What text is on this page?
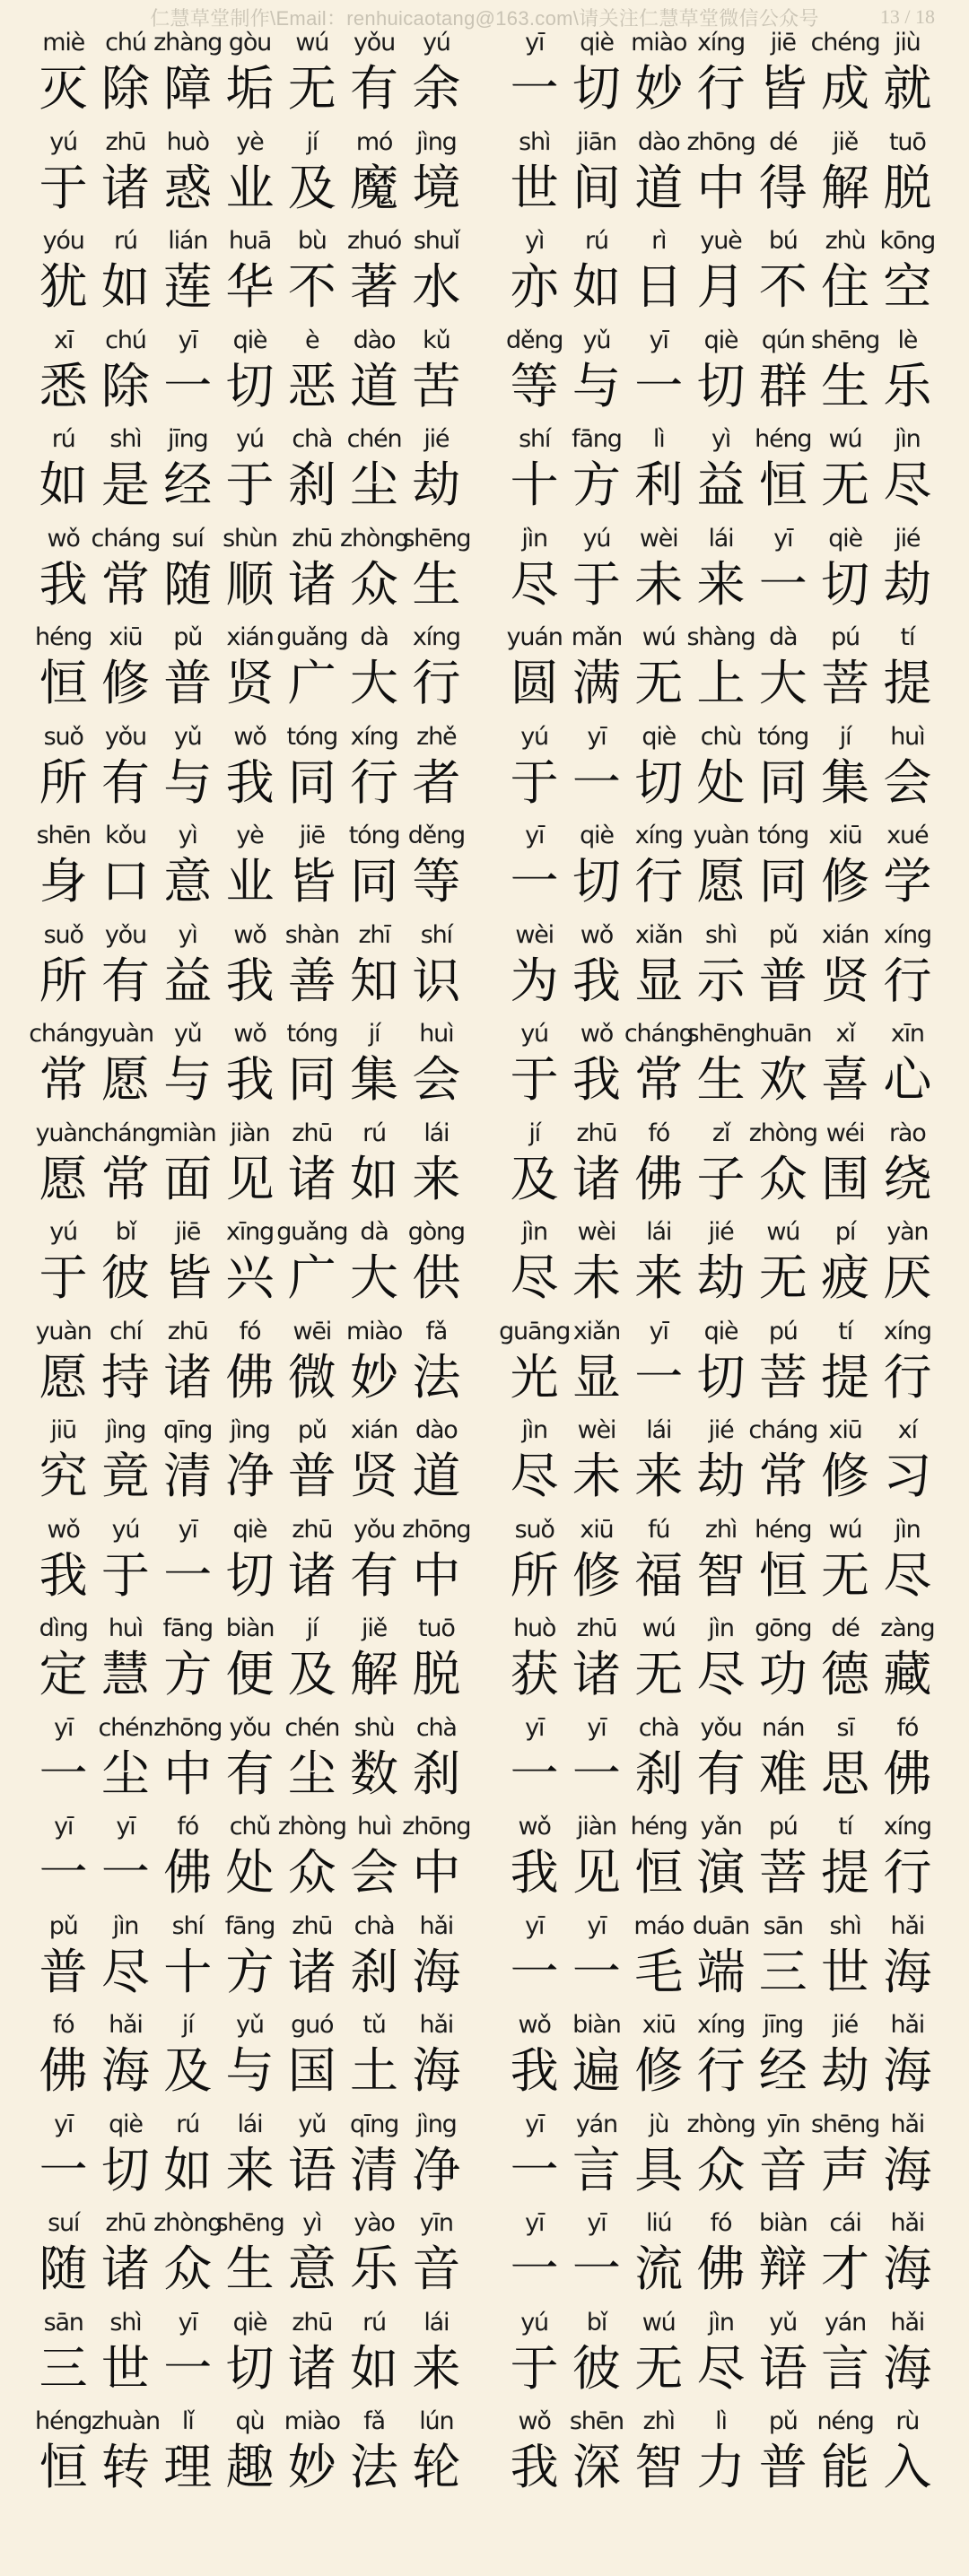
仁慧草堂制作\Email：renhuicaotang@163.com\请关注仁慧草堂微信公众号	13 / 18
miè
灭
chú
除
zhàng
障
gòu
垢
wú
无
yǒu
有
yú
余
yī
一
qiè
切
miào
妙
xíng
行
jiē
皆
chéng
成
jiù
就
yú
于
zhū
诸
huò
惑
yè
业
jí
及
mó
魔
jìng
境
shì
世
jiān
间
dào
道
zhōng
中
dé
得
jiě
解
tuō
脱
yóu
犹
rú
如
lián
莲
huā
华
bù
不
zhuó
著
shuǐ
水
yì
亦
rú
如
rì
日
yuè
月
bú
不
zhù
住
kōng
空
xī
悉
chú
除
yī
一
qiè
切
è
恶
dào
道
kǔ
苦
děng
等
yǔ
与
yī
一
qiè
切
qún
群
shēng
生
lè
乐
rú
如
shì
是
jīng
经
yú
于
chà
刹
chén
尘
jié
劫
shí
十
fāng
方
lì
利
yì
益
héng
恒
wú
无
jìn
尽
wǒ
我
cháng
常
suí
随
shùn
顺
zhū
诸
zhòng
众
shēng
生
jìn
尽
yú
于
wèi
未
lái
来
yī
一
qiè
切
jié
劫
héng
恒
xiū
修
pǔ
普
xián
贤
guǎng
广
dà
大
xíng
行
yuán
圆
mǎn
满
wú
无
shàng
上
dà
大
pú
菩
tí
提
suǒ
所
yǒu
有
yǔ
与
wǒ
我
tóng
同
xíng
行
zhě
者
yú
于
yī
一
qiè
切
chù
处
tóng
同
jí
集
huì
会
shēn
身
kǒu
口
yì
意
yè
业
jiē
皆
tóng
同
děng
等
yī
一
qiè
切
xíng
行
yuàn
愿
tóng
同
xiū
修
xué
学
suǒ
所
yǒu
有
yì
益
wǒ
我
shàn
善
zhī
知
shí
识
wèi
为
wǒ
我
xiǎn
显
shì
示
pǔ
普
xián
贤
xíng
行
cháng
常
yuàn
愿
yǔ
与
wǒ
我
tóng
同
jí
集
huì
会
yú
于
wǒ
我
cháng
常
shēng
生
huān
欢
xǐ
喜
xīn
心
yuàn
愿
cháng
常
miàn
面
jiàn
见
zhū
诸
rú
如
lái
来
jí
及
zhū
诸
fó
佛
zǐ
子
zhòng
众
wéi
围
rào
绕
yú
于
bǐ
彼
jiē
皆
xīng
兴
guǎng
广
dà
大
gòng
供
jìn
尽
wèi
未
lái
来
jié
劫
wú
无
pí
疲
yàn
厌
yuàn
愿
chí
持
zhū
诸
fó
佛
wēi
微
miào
妙
fǎ
法
guāng
光
xiǎn
显
yī
一
qiè
切
pú
菩
tí
提
xíng
行
jiū
究
jìng
竟
qīng
清
jìng
净
pǔ
普
xián
贤
dào
道
jìn
尽
wèi
未
lái
来
jié
劫
cháng
常
xiū
修
xí
习
wǒ
我
yú
于
yī
一
qiè
切
zhū
诸
yǒu
有
zhōng
中
suǒ
所
xiū
修
fú
福
zhì
智
héng
恒
wú
无
jìn
尽
dìng
定
huì
慧
fāng
方
biàn
便
jí
及
jiě
解
tuō
脱
huò
获
zhū
诸
wú
无
jìn
尽
gōng
功
dé
德
zàng
藏
yī
一
chén
尘
zhōng
中
yǒu
有
chén
尘
shù
数
chà
刹
yī
一
yī
一
chà
刹
yǒu
有
nán
难
sī
思
fó
佛
yī
一
yī
一
fó
佛
chǔ
处
zhòng
众
huì
会
zhōng
中
wǒ
我
jiàn
见
héng
恒
yǎn
演
pú
菩
tí
提
xíng
行
pǔ
普
jìn
尽
shí
十
fāng
方
zhū
诸
chà
刹
hǎi
海
yī
一
yī
一
máo
毛
duān
端
sān
三
shì
世
hǎi
海
fó
佛
hǎi
海
jí
及
yǔ
与
guó
国
tǔ
土
hǎi
海
wǒ
我
biàn
遍
xiū
修
xíng
行
jīng
经
jié
劫
hǎi
海
yī
一
qiè
切
rú
如
lái
来
yǔ
语
qīng
清
jìng
净
yī
一
yán
言
jù
具
zhòng
众
yīn
音
shēng
声
hǎi
海
suí
随
zhū
诸
zhòng
众
shēng
生
yì
意
yào
乐
yīn
音
yī
一
yī
一
liú
流
fó
佛
biàn
辩
cái
才
hǎi
海
sān
三
shì
世
yī
一
qiè
切
zhū
诸
rú
如
lái
来
yú
于
bǐ
彼
wú
无
jìn
尽
yǔ
语
yán
言
hǎi
海
héng
恒
zhuàn
转
lǐ
理
qù
趣
miào
妙
fǎ
法
lún
轮
wǒ
我
shēn
深
zhì
智
lì
力
pǔ
普
néng
能
rù
入
